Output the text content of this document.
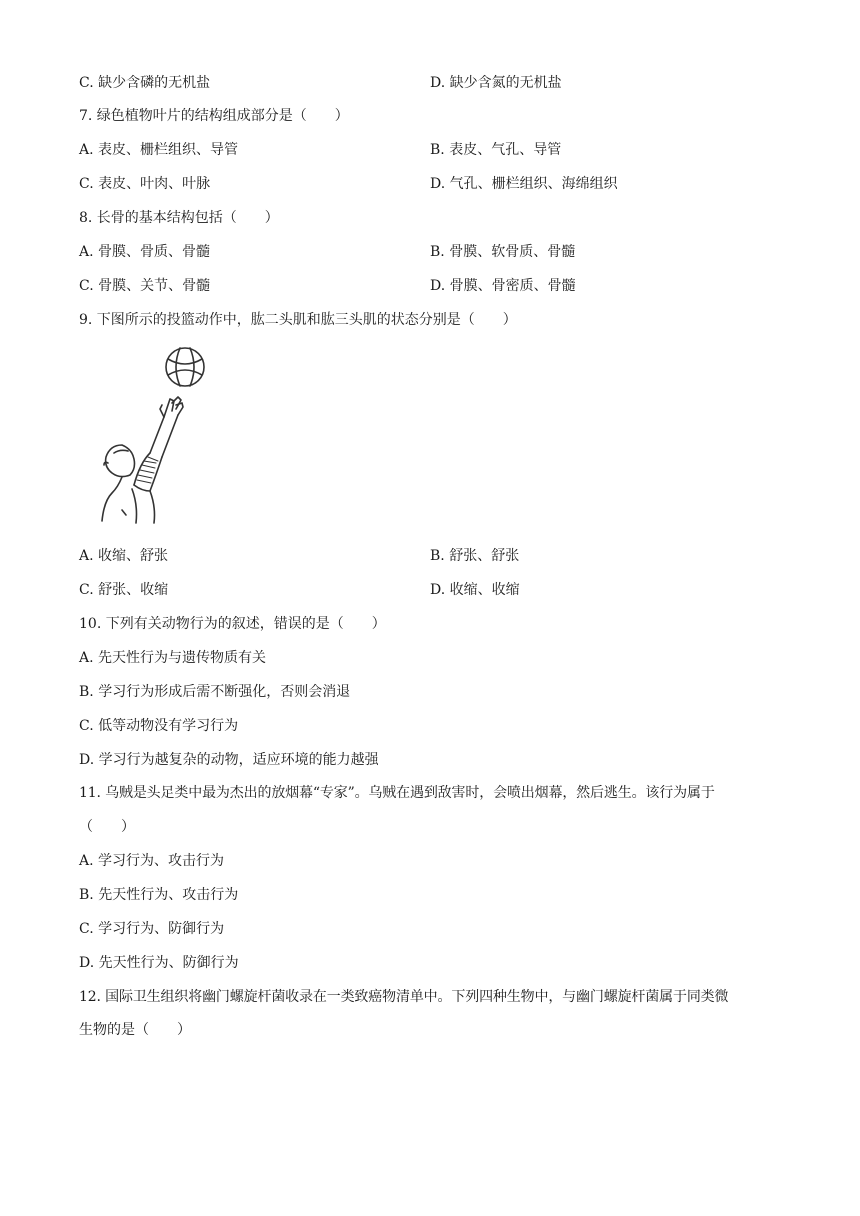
C. 缺少含磷的无机盐	D. 缺少含氮的无机盐
7. 绿色植物叶片的结构组成部分是（　　）
A. 表皮、栅栏组织、导管	B. 表皮、气孔、导管
C. 表皮、叶肉、叶脉	D. 气孔、栅栏组织、海绵组织
8. 长骨的基本结构包括（　　）
A. 骨膜、骨质、骨髓	B. 骨膜、软骨质、骨髓
C. 骨膜、关节、骨髓	D. 骨膜、骨密质、骨髓
9. 下图所示的投篮动作中，肱二头肌和肱三头肌的状态分别是（　　）
A. 收缩、舒张	B. 舒张、舒张
C. 舒张、收缩	D. 收缩、收缩
10. 下列有关动物行为的叙述，错误的是（　　）
A. 先天性行为与遗传物质有关
B. 学习行为形成后需不断强化，否则会消退
C. 低等动物没有学习行为
D. 学习行为越复杂的动物，适应环境的能力越强
11. 乌贼是头足类中最为杰出的放烟幕“专家”。乌贼在遇到敌害时，会喷出烟幕，然后逃生。该行为属于
（　　）
A. 学习行为、攻击行为
B. 先天性行为、攻击行为
C. 学习行为、防御行为
D. 先天性行为、防御行为
12. 国际卫生组织将幽门螺旋杆菌收录在一类致癌物清单中。下列四种生物中，与幽门螺旋杆菌属于同类微
生物的是（　　）
